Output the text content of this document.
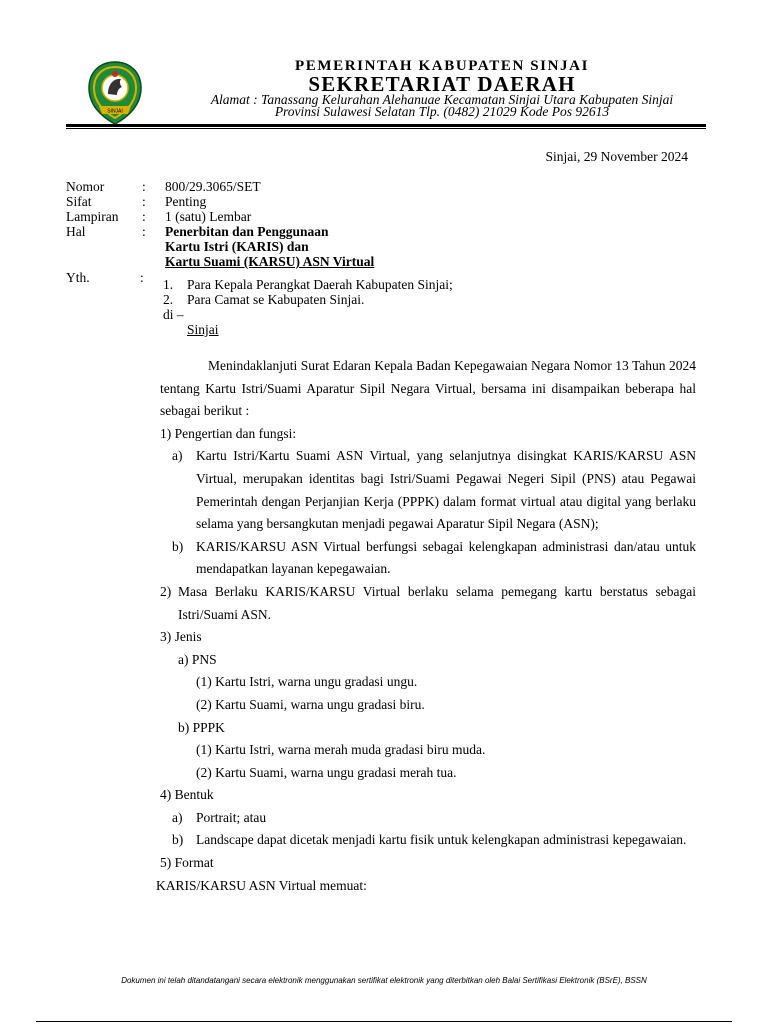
SINJAI
PEMERINTAH KABUPATEN SINJAI
SEKRETARIAT DAERAH
Alamat : Tanassang Kelurahan Alehanuae Kecamatan Sinjai Utara Kabupaten Sinjai
Provinsi Sulawesi Selatan Tlp. (0482) 21029 Kode Pos 92613
Sinjai, 29 November 2024
Nomor	:	800/29.3065/SET
Sifat	:	Penting
Lampiran	:	1 (satu) Lembar
Hal	:	Penerbitan dan Penggunaan
Kartu Istri (KARIS) dan
Kartu Suami (KARSU) ASN Virtual
Yth.	: 1.	Para Kepala Perangkat Daerah Kabupaten Sinjai;
2.	Para Camat se Kabupaten Sinjai.
di –
Sinjai
Menindaklanjuti Surat Edaran Kepala Badan Kepegawaian Negara Nomor 13 Tahun 2024 tentang Kartu Istri/Suami Aparatur Sipil Negara Virtual, bersama ini disampaikan beberapa hal sebagai berikut :
1) Pengertian dan fungsi:
a)	Kartu Istri/Kartu Suami ASN Virtual, yang selanjutnya disingkat KARIS/KARSU ASN Virtual, merupakan identitas bagi Istri/Suami Pegawai Negeri Sipil (PNS) atau Pegawai Pemerintah dengan Perjanjian Kerja (PPPK) dalam format virtual atau digital yang berlaku selama yang bersangkutan menjadi pegawai Aparatur Sipil Negara (ASN);
b) KARIS/KARSU ASN Virtual berfungsi sebagai kelengkapan administrasi dan/atau untuk mendapatkan layanan kepegawaian.
2) Masa Berlaku KARIS/KARSU Virtual berlaku selama pemegang kartu berstatus sebagai Istri/Suami ASN.
3) Jenis
a) PNS
(1) Kartu Istri, warna ungu gradasi ungu.
(2) Kartu Suami, warna ungu gradasi biru.
b) PPPK
(1) Kartu Istri, warna merah muda gradasi biru muda.
(2) Kartu Suami, warna ungu gradasi merah tua.
4) Bentuk
a)	Portrait; atau
b) Landscape dapat dicetak menjadi kartu fisik untuk kelengkapan administrasi kepegawaian.
5) Format
KARIS/KARSU ASN Virtual memuat:
Dokumen ini telah ditandatangani secara elektronik menggunakan sertifikat elektronik yang diterbitkan oleh Balai Sertifikasi Elektronik (BSrE), BSSN
